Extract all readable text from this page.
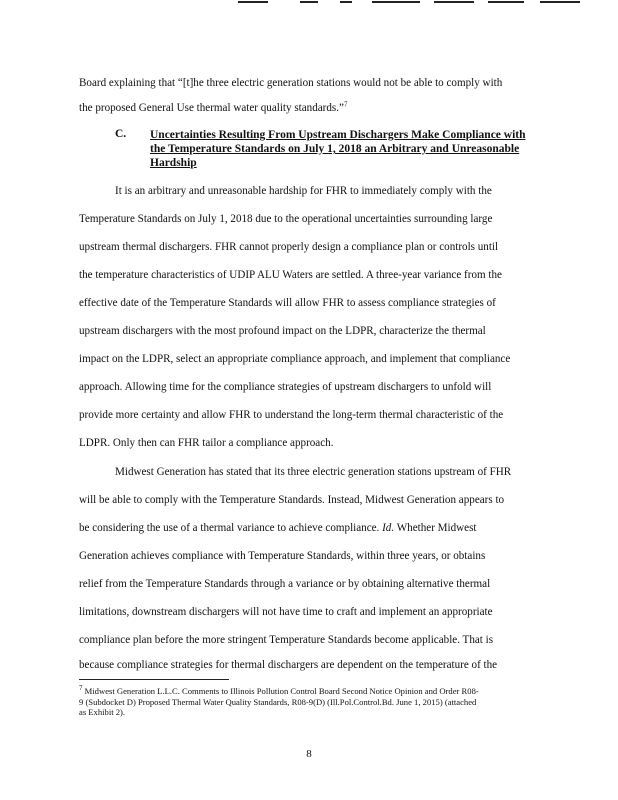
Board explaining that “[t]he three electric generation stations would not be able to comply with
the proposed General Use thermal water quality standards.”$^7$
C. Uncertainties Resulting From Upstream Dischargers Make Compliance with
the Temperature Standards on July 1, 2018 an Arbitrary and Unreasonable
Hardship
It is an arbitrary and unreasonable hardship for FHR to immediately comply with the
Temperature Standards on July 1, 2018 due to the operational uncertainties surrounding large
upstream thermal dischargers. FHR cannot properly design a compliance plan or controls until
the temperature characteristics of UDIP ALU Waters are settled. A three-year variance from the
effective date of the Temperature Standards will allow FHR to assess compliance strategies of
upstream dischargers with the most profound impact on the LDPR, characterize the thermal
impact on the LDPR, select an appropriate compliance approach, and implement that compliance
approach. Allowing time for the compliance strategies of upstream dischargers to unfold will
provide more certainty and allow FHR to understand the long-term thermal characteristic of the
LDPR. Only then can FHR tailor a compliance approach.
Midwest Generation has stated that its three electric generation stations upstream of FHR
will be able to comply with the Temperature Standards. Instead, Midwest Generation appears to
be considering the use of a thermal variance to achieve compliance. Id. Whether Midwest
Generation achieves compliance with Temperature Standards, within three years, or obtains
relief from the Temperature Standards through a variance or by obtaining alternative thermal
limitations, downstream dischargers will not have time to craft and implement an appropriate
compliance plan before the more stringent Temperature Standards become applicable. That is
because compliance strategies for thermal dischargers are dependent on the temperature of the
$^7$ Midwest Generation L.L.C. Comments to Illinois Pollution Control Board Second Notice Opinion and Order R08-
9 (Subdocket D) Proposed Thermal Water Quality Standards, R08-9(D) (Ill.Pol.Control.Bd. June 1, 2015) (attached
as Exhibit 2).
8
